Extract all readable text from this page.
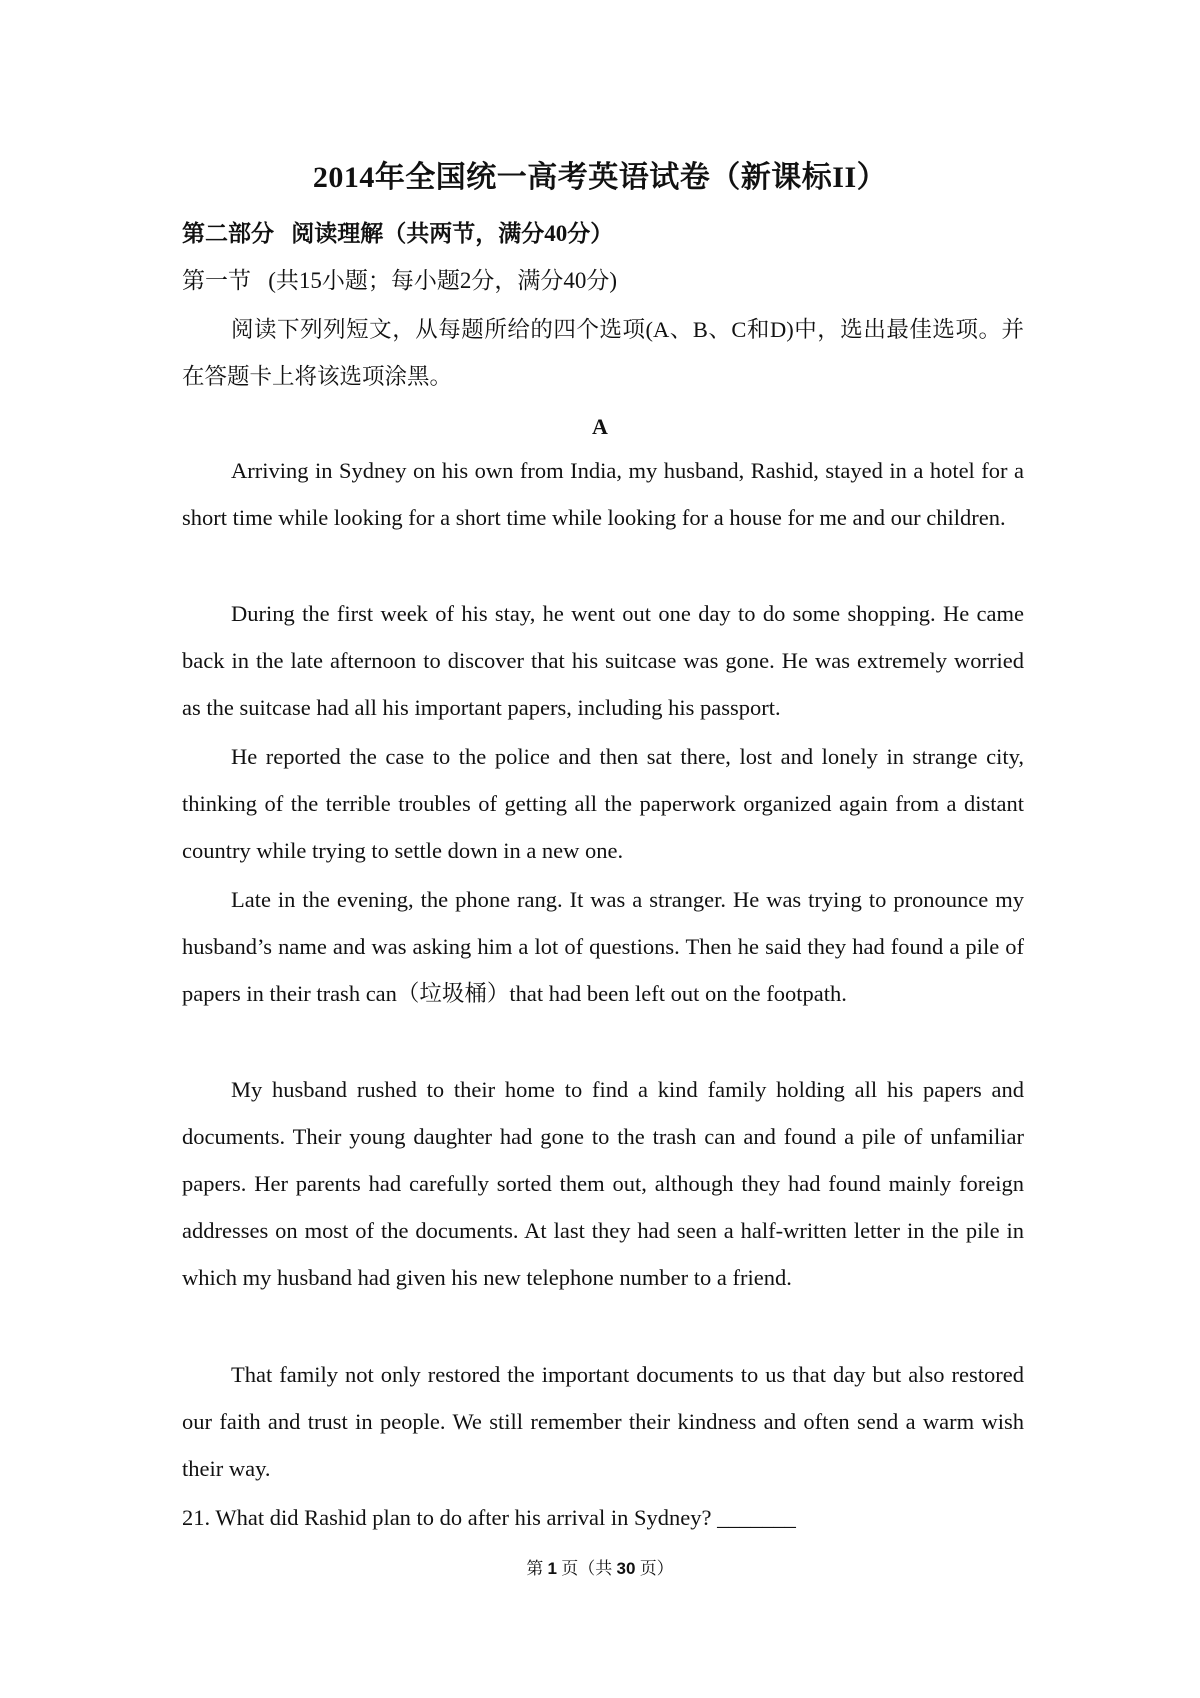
2014年全国统一高考英语试卷（新课标II）
第二部分   阅读理解（共两节，满分40分）
第一节   (共15小题；每小题2分，满分40分)

阅读下列列短文，从每题所给的四个选项(A、B、C和D)中，选出最佳选项。并在答题卡上将该选项涂黑。

A

Arriving in Sydney on his own from India, my husband, Rashid, stayed in a hotel for a short time while looking for a short time while looking for a house for me and our children.

During the first week of his stay, he went out one day to do some shopping. He came back in the late afternoon to discover that his suitcase was gone. He was extremely worried as the suitcase had all his important papers, including his passport.

He reported the case to the police and then sat there, lost and lonely in strange city, thinking of the terrible troubles of getting all the paperwork organized again from a distant country while trying to settle down in a new one.

Late in the evening, the phone rang. It was a stranger. He was trying to pronounce my husband’s name and was asking him a lot of questions. Then he said they had found a pile of papers in their trash can（垃圾桶）that had been left out on the footpath.

My husband rushed to their home to find a kind family holding all his papers and documents. Their young daughter had gone to the trash can and found a pile of unfamiliar papers. Her parents had carefully sorted them out, although they had found mainly foreign addresses on most of the documents. At last they had seen a half-written letter in the pile in which my husband had given his new telephone number to a friend.

That family not only restored the important documents to us that day but also restored our faith and trust in people. We still remember their kindness and often send a warm wish their way.

21. What did Rashid plan to do after his arrival in Sydney? _______
第 1 页（共 30 页）
